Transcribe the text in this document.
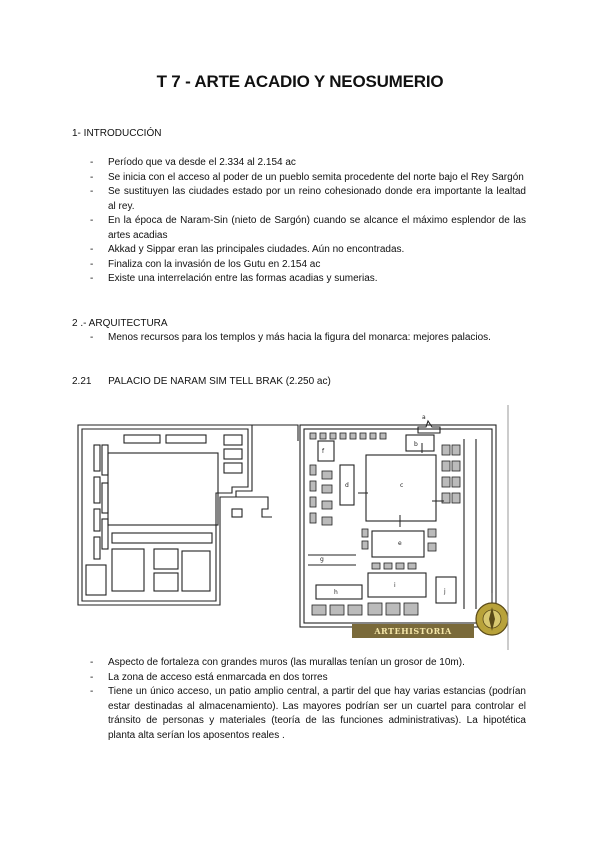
T 7 - ARTE ACADIO Y NEOSUMERIO

1- INTRODUCCIÓN

- Período que va desde el 2.334 al 2.154 ac
- Se inicia con el acceso al poder de un pueblo semita procedente del norte bajo el Rey Sargón
- Se sustituyen las ciudades estado por un reino cohesionado donde era importante la lealtad al rey.
- En la época de Naram-Sin (nieto de Sargón) cuando se alcance el máximo esplendor de las artes acadias
- Akkad y Sippar eran las principales ciudades. Aún no encontradas.
- Finaliza con la invasión de los Gutu en 2.154 ac
- Existe una interrelación entre las formas acadias y sumerias.

2 .- ARQUITECTURA

- Menos recursos para los templos y más hacia la figura del monarca: mejores palacios.

2.21      PALACIO DE NARAM SIM TELL BRAK (2.250 ac)

a
b
c
d
e
f
g
h
i
j
ARTEHISTORIA
- Aspecto de fortaleza con grandes muros (las murallas tenían un grosor de 10m).
- La zona de acceso está enmarcada en dos torres
- Tiene un único acceso, un patio amplio central, a partir del que hay varias estancias (podrían estar destinadas al almacenamiento). Las mayores podrían ser un cuartel para controlar el tránsito de personas y materiales (teoría de las funciones administrativas). La hipotética planta alta serían los aposentos reales .
